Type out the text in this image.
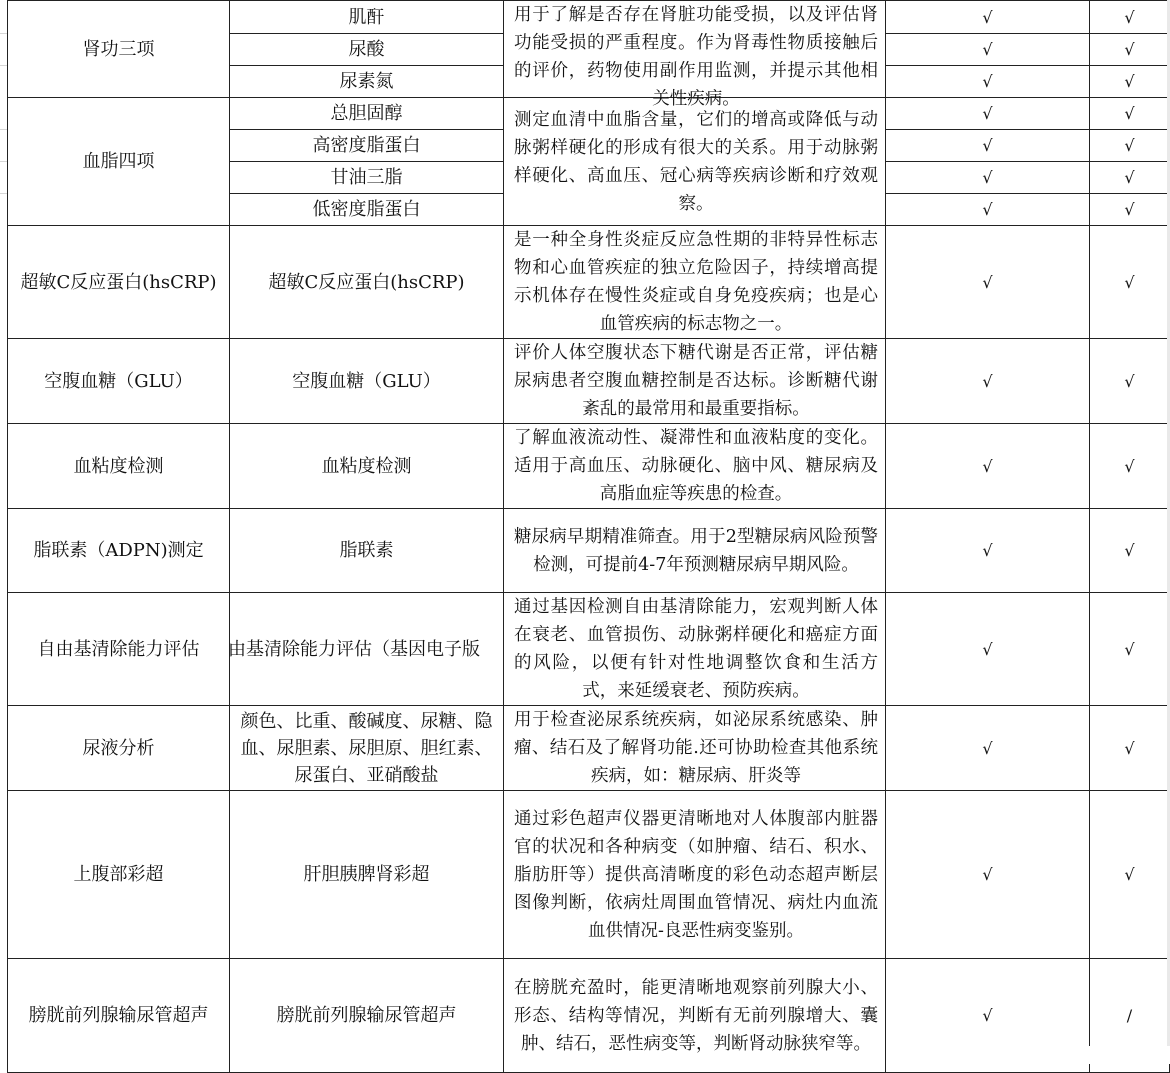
肾功三项	肌酐	用于了解是否存在肾脏功能受损，以及评估肾功能受损的严重程度。作为肾毒性物质接触后的评价，药物使用副作用监测，并提示其他相关性疾病。	√	√
	尿酸		√	√
	尿素氮		√	√
血脂四项	总胆固醇	测定血清中血脂含量，它们的增高或降低与动脉粥样硬化的形成有很大的关系。用于动脉粥样硬化、高血压、冠心病等疾病诊断和疗效观察。	√	√
	高密度脂蛋白		√	√
	甘油三脂		√	√
	低密度脂蛋白		√	√
超敏C反应蛋白(hsCRP)	超敏C反应蛋白(hsCRP)	是一种全身性炎症反应急性期的非特异性标志物和心血管疾症的独立危险因子，持续增高提示机体存在慢性炎症或自身免疫疾病；也是心血管疾病的标志物之一。	√	√
空腹血糖（GLU）	空腹血糖（GLU）	评价人体空腹状态下糖代谢是否正常，评估糖尿病患者空腹血糖控制是否达标。诊断糖代谢紊乱的最常用和最重要指标。	√	√
血粘度检测	血粘度检测	了解血液流动性、凝滞性和血液粘度的变化。适用于高血压、动脉硬化、脑中风、糖尿病及高脂血症等疾患的检查。	√	√
脂联素（ADPN)测定	脂联素	糖尿病早期精准筛查。用于2型糖尿病风险预警检测，可提前4-7年预测糖尿病早期风险。	√	√
自由基清除能力评估	由基清除能力评估（基因电子版	通过基因检测自由基清除能力，宏观判断人体在衰老、血管损伤、动脉粥样硬化和癌症方面的风险，以便有针对性地调整饮食和生活方式，来延缓衰老、预防疾病。	√	√
尿液分析	颜色、比重、酸碱度、尿糖、隐血、尿胆素、尿胆原、胆红素、尿蛋白、亚硝酸盐	用于检查泌尿系统疾病，如泌尿系统感染、肿瘤、结石及了解肾功能.还可协助检查其他系统疾病，如：糖尿病、肝炎等	√	√
上腹部彩超	肝胆胰脾肾彩超	通过彩色超声仪器更清晰地对人体腹部内脏器官的状况和各种病变（如肿瘤、结石、积水、脂肪肝等）提供高清晰度的彩色动态超声断层图像判断，依病灶周围血管情况、病灶内血流血供情况-良恶性病变鉴别。	√	√
膀胱前列腺输尿管超声	膀胱前列腺输尿管超声	在膀胱充盈时，能更清晰地观察前列腺大小、形态、结构等情况，判断有无前列腺增大、囊肿、结石，恶性病变等，判断肾动脉狭窄等。	√	/
